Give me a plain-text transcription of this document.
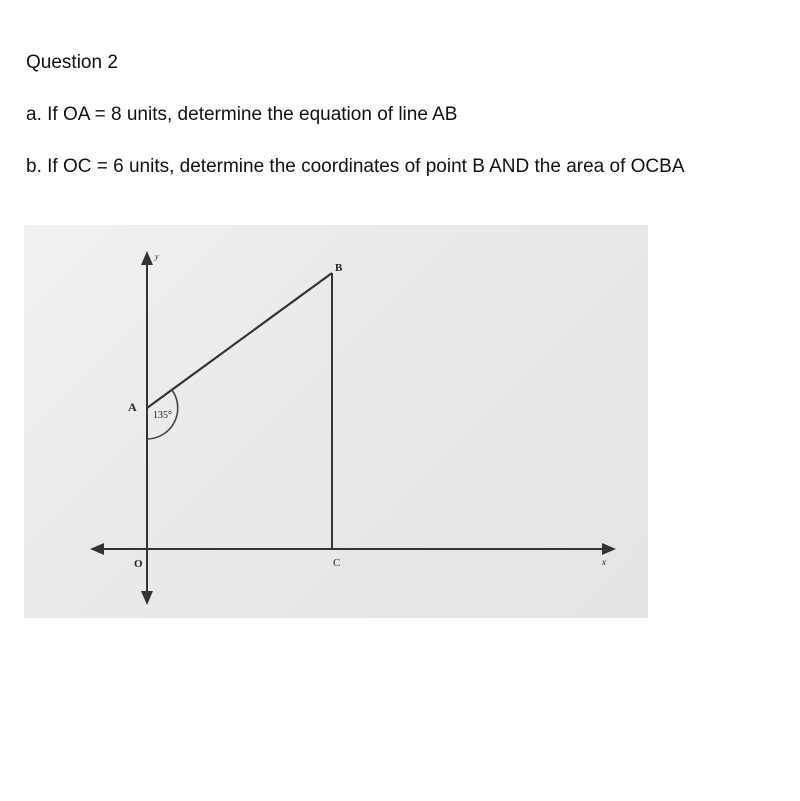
Question 2
a. If OA = 8 units, determine the equation of line AB
b. If OC = 6 units, determine the coordinates of point B AND the area of OCBA
A
B
C
O	x
y
135°
